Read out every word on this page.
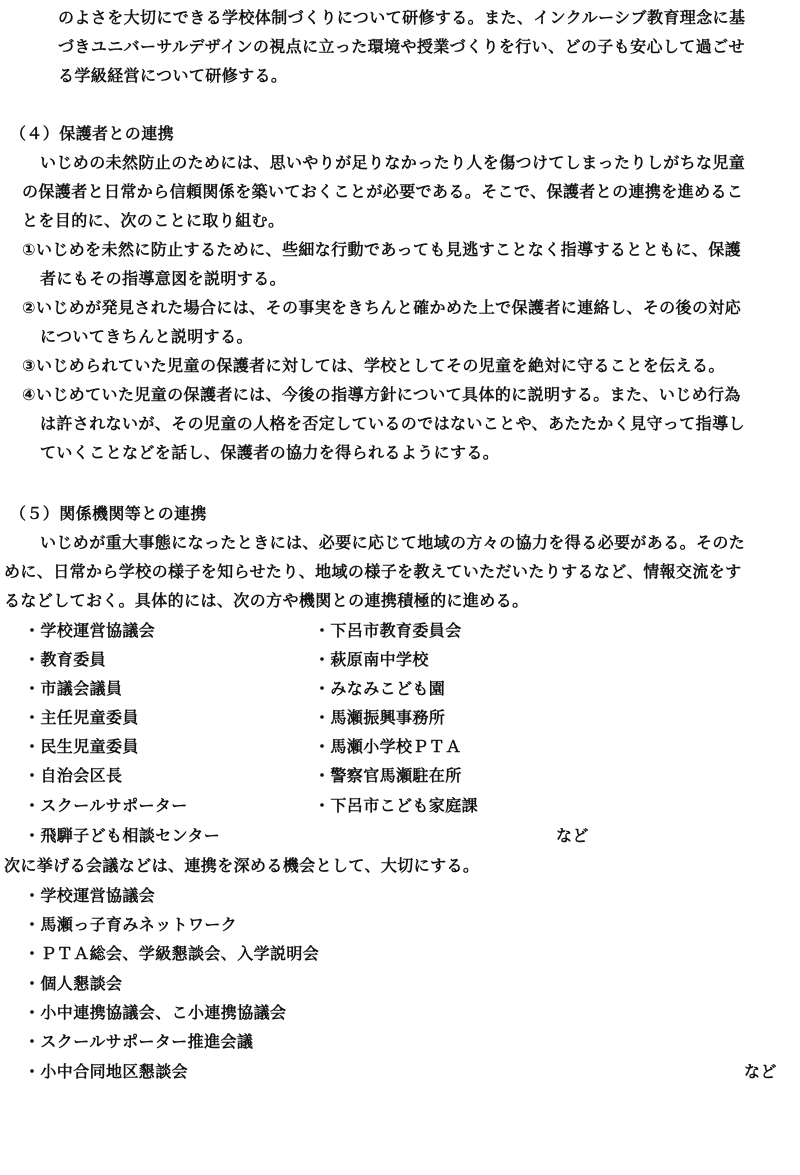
のよさを大切にできる学校体制づくりについて研修する。また、インクルーシブ教育理念に基
づきユニバーサルデザインの視点に立った環境や授業づくりを行い、どの子も安心して過ごせ
る学級経営について研修する。
（４）保護者との連携
いじめの未然防止のためには、思いやりが足りなかったり人を傷つけてしまったりしがちな児童
の保護者と日常から信頼関係を築いておくことが必要である。そこで、保護者との連携を進めるこ
とを目的に、次のことに取り組む。
①いじめを未然に防止するために、些細な行動であっても見逃すことなく指導するとともに、保護
者にもその指導意図を説明する。
②いじめが発見された場合には、その事実をきちんと確かめた上で保護者に連絡し、その後の対応
についてきちんと説明する。
③いじめられていた児童の保護者に対しては、学校としてその児童を絶対に守ることを伝える。
④いじめていた児童の保護者には、今後の指導方針について具体的に説明する。また、いじめ行為
は許されないが、その児童の人格を否定しているのではないことや、あたたかく見守って指導し
ていくことなどを話し、保護者の協力を得られるようにする。
（５）関係機関等との連携
いじめが重大事態になったときには、必要に応じて地域の方々の協力を得る必要がある。そのた
めに、日常から学校の様子を知らせたり、地域の様子を教えていただいたりするなど、情報交流をす
るなどしておく。具体的には、次の方や機関との連携積極的に進める。
・学校運営協議会
・教育委員
・市議会議員
・主任児童委員
・民生児童委員
・自治会区長
・スクールサポーター
・飛騨子ども相談センター
・下呂市教育委員会
・萩原南中学校
・みなみこども園
・馬瀬振興事務所
・馬瀬小学校ＰＴＡ
・警察官馬瀬駐在所
・下呂市こども家庭課
など
次に挙げる会議などは、連携を深める機会として、大切にする。
・学校運営協議会
・馬瀬っ子育みネットワーク
・ＰＴＡ総会、学級懇談会、入学説明会
・個人懇談会
・小中連携協議会、こ小連携協議会
・スクールサポーター推進会議
・小中合同地区懇談会	など
